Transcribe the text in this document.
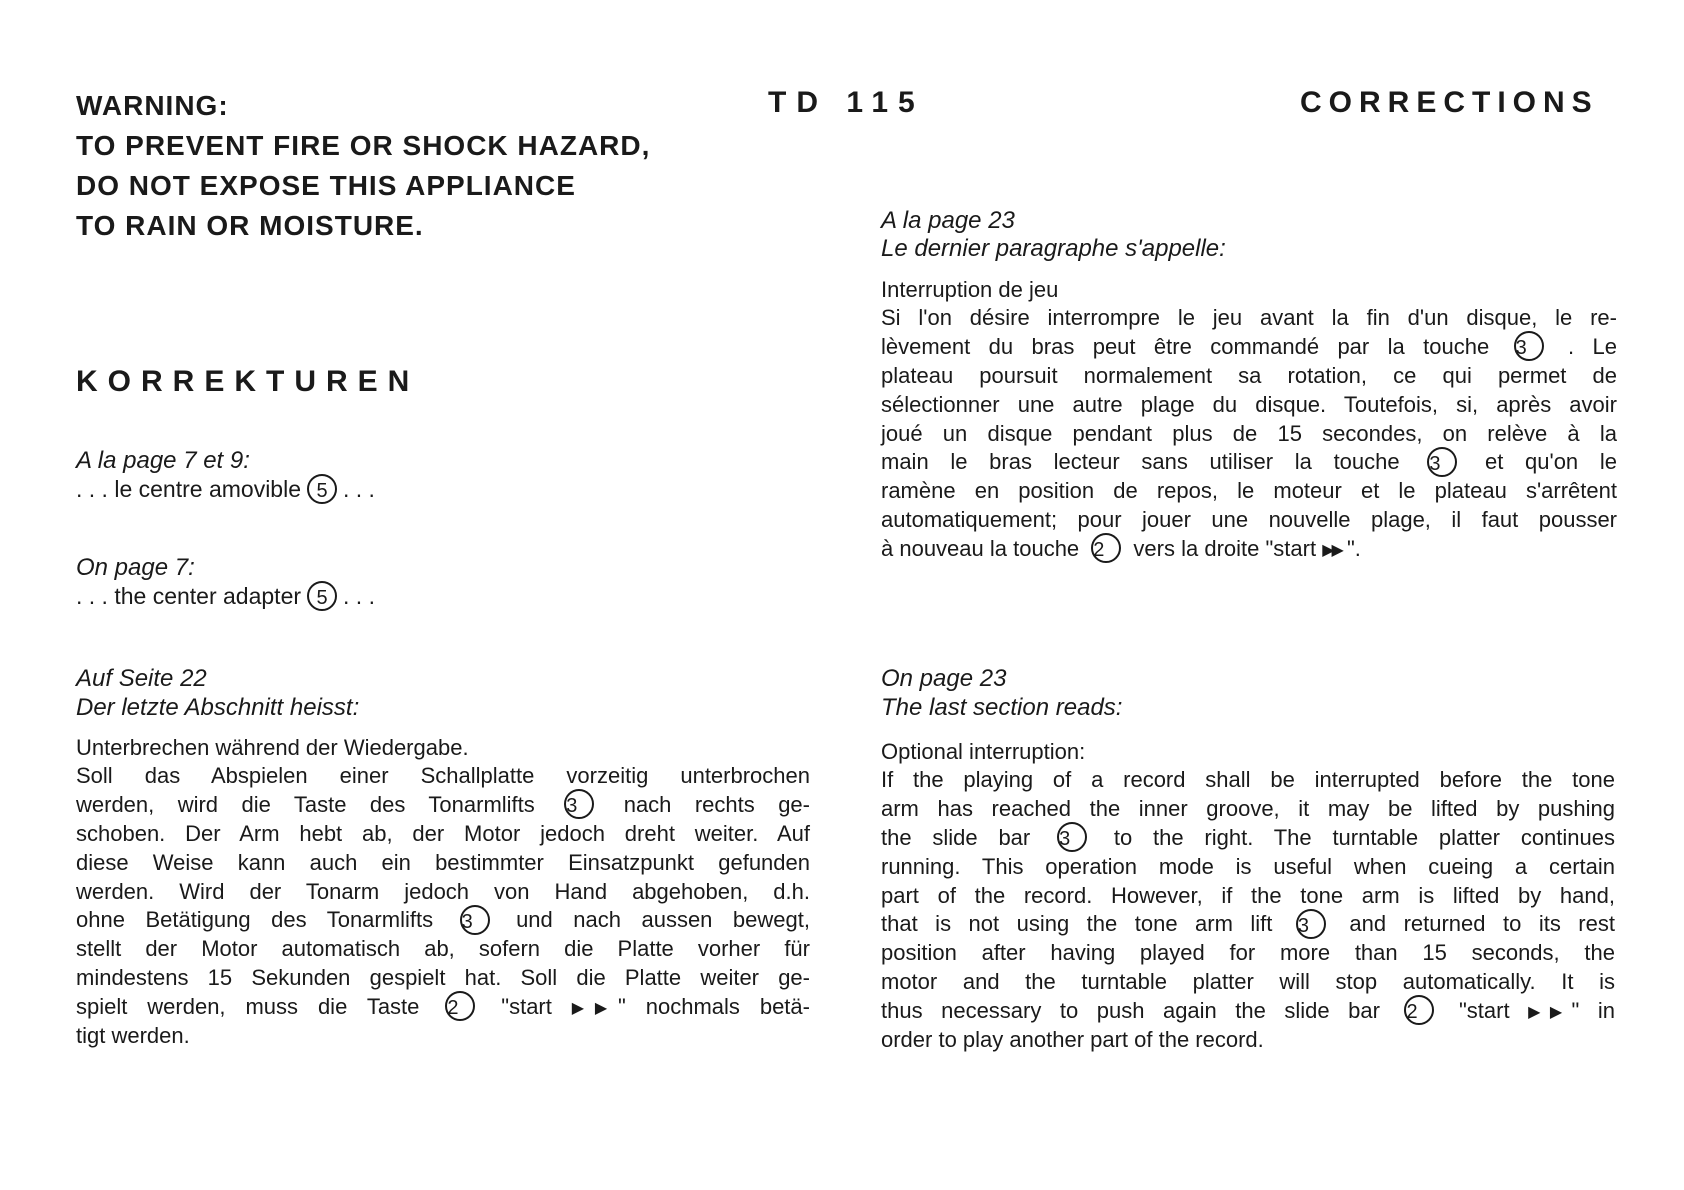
WARNING:
TO PREVENT FIRE OR SHOCK HAZARD,
DO NOT EXPOSE THIS APPLIANCE
TO RAIN OR MOISTURE.
TD 115	CORRECTIONS
KORREKTUREN
A la page 7 et 9:
. . . le centre amovible 5 . . .
On page 7:
. . . the center adapter 5 . . .
Auf Seite 22
Der letzte Abschnitt heisst:
Unterbrechen während der Wiedergabe.
Soll das Abspielen einer Schallplatte vorzeitig unterbrochen
werden, wird die Taste des Tonarmlifts 3 nach rechts ge-
schoben. Der Arm hebt ab, der Motor jedoch dreht weiter. Auf
diese Weise kann auch ein bestimmter Einsatzpunkt gefunden
werden. Wird der Tonarm jedoch von Hand abgehoben, d.h.
ohne Betätigung des Tonarmlifts 3 und nach aussen bewegt,
stellt der Motor automatisch ab, sofern die Platte vorher für
mindestens 15 Sekunden gespielt hat. Soll die Platte weiter ge-
spielt werden, muss die Taste 2 "start ▶▶" nochmals betä-
tigt werden.
A la page 23
Le dernier paragraphe s'appelle:
Interruption de jeu
Si l'on désire interrompre le jeu avant la fin d'un disque, le re-
lèvement du bras peut être commandé par la touche 3 . Le
plateau poursuit normalement sa rotation, ce qui permet de
sélectionner une autre plage du disque. Toutefois, si, après avoir
joué un disque pendant plus de 15 secondes, on relève à la
main le bras lecteur sans utiliser la touche 3 et qu'on le
ramène en position de repos, le moteur et le plateau s'arrêtent
automatiquement; pour jouer une nouvelle plage, il faut pousser
à nouveau la touche 2 vers la droite "start ▶▶ ".
On page 23
The last section reads:
Optional interruption:
If the playing of a record shall be interrupted before the tone
arm has reached the inner groove, it may be lifted by pushing
the slide bar 3 to the right. The turntable platter continues
running. This operation mode is useful when cueing a certain
part of the record. However, if the tone arm is lifted by hand,
that is not using the tone arm lift 3 and returned to its rest
position after having played for more than 15 seconds, the
motor and the turntable platter will stop automatically. It is
thus necessary to push again the slide bar 2 "start ▶▶" in
order to play another part of the record.
